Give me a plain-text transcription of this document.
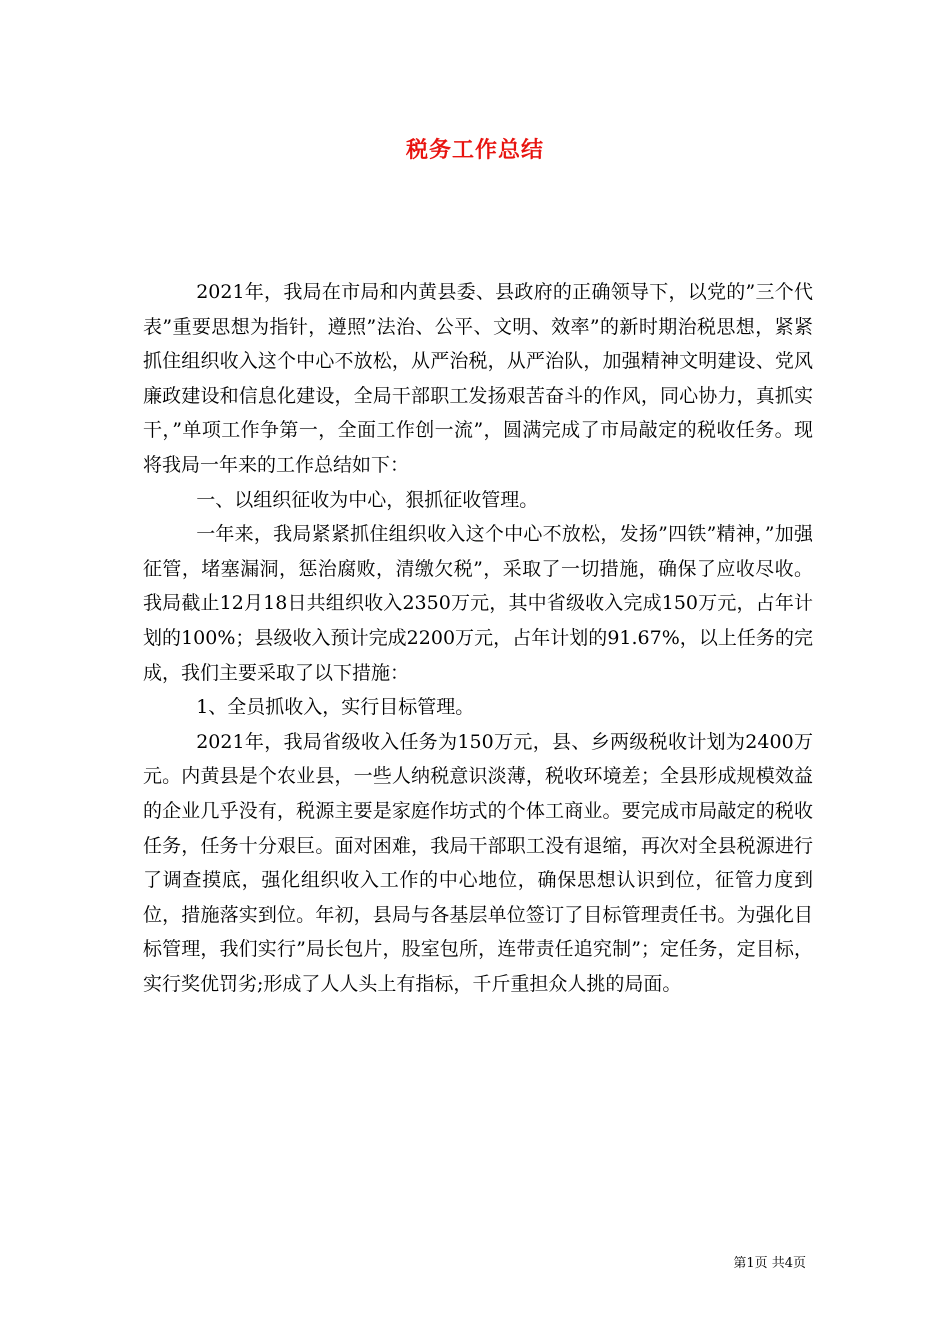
税务工作总结

2021年，我局在市局和内黄县委、县政府的正确领导下，以党的”三个代表”重要思想为指针，遵照”法治、公平、文明、效率”的新时期治税思想，紧紧抓住组织收入这个中心不放松，从严治税，从严治队，加强精神文明建设、党风廉政建设和信息化建设，全局干部职工发扬艰苦奋斗的作风，同心协力，真抓实干，”单项工作争第一，全面工作创一流”，圆满完成了市局敲定的税收任务。现将我局一年来的工作总结如下：

一、以组织征收为中心，狠抓征收管理。

一年来，我局紧紧抓住组织收入这个中心不放松，发扬”四铁”精神，”加强征管，堵塞漏洞，惩治腐败，清缴欠税”，采取了一切措施，确保了应收尽收。我局截止12月18日共组织收入2350万元，其中省级收入完成150万元，占年计划的100%；县级收入预计完成2200万元，占年计划的91.67%，以上任务的完成，我们主要采取了以下措施：

1、全员抓收入，实行目标管理。

2021年，我局省级收入任务为150万元，县、乡两级税收计划为2400万元。内黄县是个农业县，一些人纳税意识淡薄，税收环境差；全县形成规模效益的企业几乎没有，税源主要是家庭作坊式的个体工商业。要完成市局敲定的税收任务，任务十分艰巨。面对困难，我局干部职工没有退缩，再次对全县税源进行了调查摸底，强化组织收入工作的中心地位，确保思想认识到位，征管力度到位，措施落实到位。年初，县局与各基层单位签订了目标管理责任书。为强化目标管理，我们实行”局长包片，股室包所，连带责任追究制”；定任务，定目标，实行奖优罚劣;形成了人人头上有指标，千斤重担众人挑的局面。

第1页 共4页
